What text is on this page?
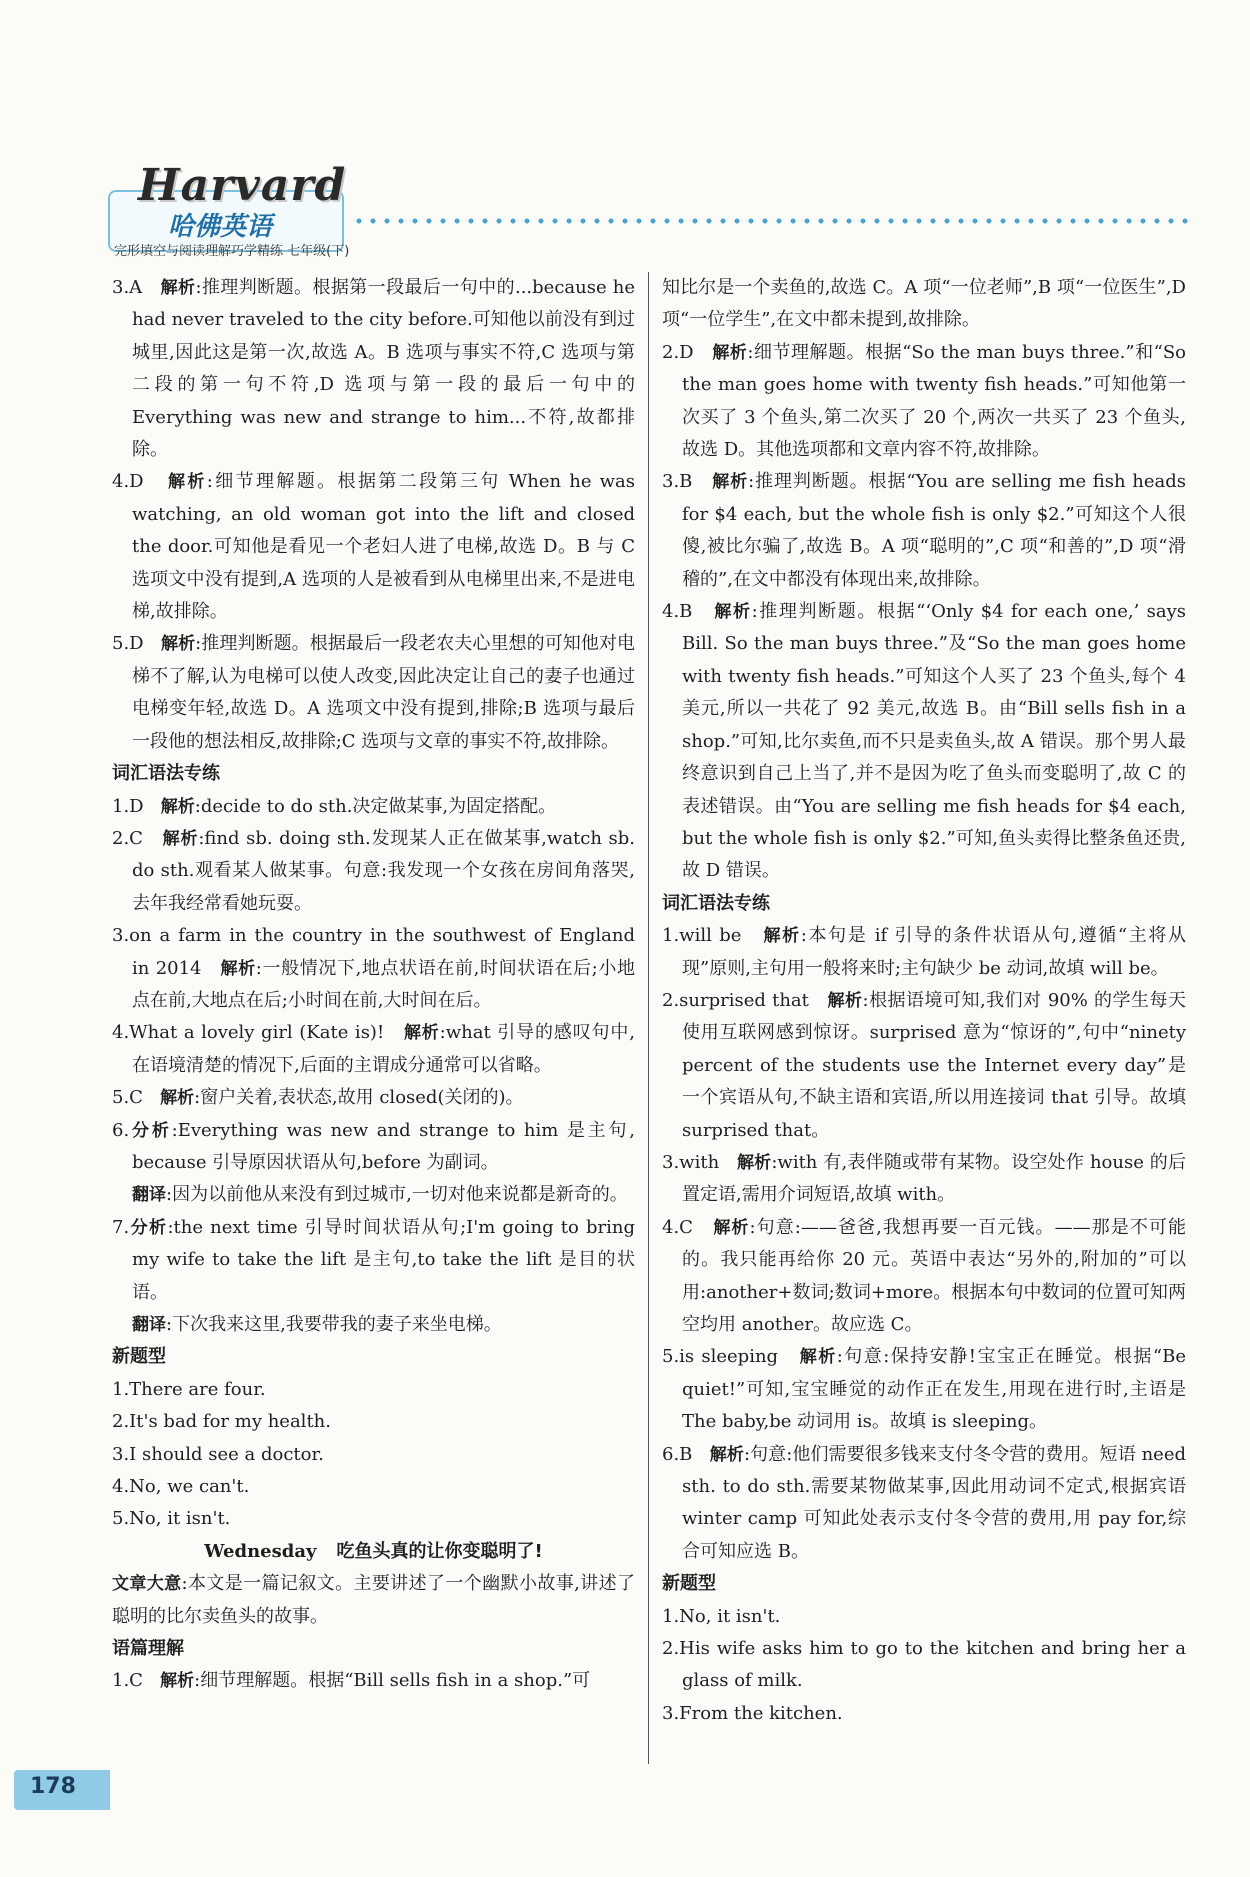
Harvard
哈佛英语
完形填空与阅读理解巧学精练 七年级(下)

3.A 解析:推理判断题。根据第一段最后一句中的...because he had never traveled to the city before.可知他以前没有到过城里,因此这是第一次,故选 A。B 选项与事实不符,C 选项与第二段的第一句不符,D 选项与第一段的最后一句中的 Everything was new and strange to him...不符,故都排除。

4.D 解析:细节理解题。根据第二段第三句 When he was watching, an old woman got into the lift and closed the door.可知他是看见一个老妇人进了电梯,故选 D。B 与 C 选项文中没有提到,A 选项的人是被看到从电梯里出来,不是进电梯,故排除。

5.D 解析:推理判断题。根据最后一段老农夫心里想的可知他对电梯不了解,认为电梯可以使人改变,因此决定让自己的妻子也通过电梯变年轻,故选 D。A 选项文中没有提到,排除;B 选项与最后一段他的想法相反,故排除;C 选项与文章的事实不符,故排除。

词汇语法专练

1.D 解析:decide to do sth.决定做某事,为固定搭配。

2.C 解析:find sb. doing sth.发现某人正在做某事,watch sb. do sth.观看某人做某事。句意:我发现一个女孩在房间角落哭,去年我经常看她玩耍。

3.on a farm in the country in the southwest of England in 2014 解析:一般情况下,地点状语在前,时间状语在后;小地点在前,大地点在后;小时间在前,大时间在后。

4.What a lovely girl (Kate is)! 解析:what 引导的感叹句中,在语境清楚的情况下,后面的主谓成分通常可以省略。

5.C 解析:窗户关着,表状态,故用 closed(关闭的)。

6.分析:Everything was new and strange to him 是主句, because 引导原因状语从句,before 为副词。

翻译:因为以前他从来没有到过城市,一切对他来说都是新奇的。

7.分析:the next time 引导时间状语从句;I'm going to bring my wife to take the lift 是主句,to take the lift 是目的状语。

翻译:下次我来这里,我要带我的妻子来坐电梯。

新题型

1.There are four.

2.It's bad for my health.

3.I should see a doctor.

4.No, we can't.

5.No, it isn't.

Wednesday 吃鱼头真的让你变聪明了!

文章大意:本文是一篇记叙文。主要讲述了一个幽默小故事,讲述了聪明的比尔卖鱼头的故事。

语篇理解

1.C 解析:细节理解题。根据“Bill sells fish in a shop.”可

知比尔是一个卖鱼的,故选 C。A 项“一位老师”,B 项“一位医生”,D 项“一位学生”,在文中都未提到,故排除。

2.D 解析:细节理解题。根据“So the man buys three.”和“So the man goes home with twenty fish heads.”可知他第一次买了 3 个鱼头,第二次买了 20 个,两次一共买了 23 个鱼头,故选 D。其他选项都和文章内容不符,故排除。

3.B 解析:推理判断题。根据“You are selling me fish heads for $4 each, but the whole fish is only $2.”可知这个人很傻,被比尔骗了,故选 B。A 项“聪明的”,C 项“和善的”,D 项“滑稽的”,在文中都没有体现出来,故排除。

4.B 解析:推理判断题。根据“‘Only $4 for each one,’ says Bill. So the man buys three.”及“So the man goes home with twenty fish heads.”可知这个人买了 23 个鱼头,每个 4 美元,所以一共花了 92 美元,故选 B。由“Bill sells fish in a shop.”可知,比尔卖鱼,而不只是卖鱼头,故 A 错误。那个男人最终意识到自己上当了,并不是因为吃了鱼头而变聪明了,故 C 的表述错误。由“You are selling me fish heads for $4 each, but the whole fish is only $2.”可知,鱼头卖得比整条鱼还贵,故 D 错误。

词汇语法专练

1.will be 解析:本句是 if 引导的条件状语从句,遵循“主将从现”原则,主句用一般将来时;主句缺少 be 动词,故填 will be。

2.surprised that 解析:根据语境可知,我们对 90% 的学生每天使用互联网感到惊讶。surprised 意为“惊讶的”,句中“ninety percent of the students use the Internet every day”是一个宾语从句,不缺主语和宾语,所以用连接词 that 引导。故填 surprised that。

3.with 解析:with 有,表伴随或带有某物。设空处作 house 的后置定语,需用介词短语,故填 with。

4.C 解析:句意:——爸爸,我想再要一百元钱。——那是不可能的。我只能再给你 20 元。英语中表达“另外的,附加的”可以用:another+数词;数词+more。根据本句中数词的位置可知两空均用 another。故应选 C。

5.is sleeping 解析:句意:保持安静!宝宝正在睡觉。根据“Be quiet!”可知,宝宝睡觉的动作正在发生,用现在进行时,主语是 The baby,be 动词用 is。故填 is sleeping。

6.B 解析:句意:他们需要很多钱来支付冬令营的费用。短语 need sth. to do sth.需要某物做某事,因此用动词不定式,根据宾语 winter camp 可知此处表示支付冬令营的费用,用 pay for,综合可知应选 B。

新题型

1.No, it isn't.

2.His wife asks him to go to the kitchen and bring her a glass of milk.

3.From the kitchen.

178
